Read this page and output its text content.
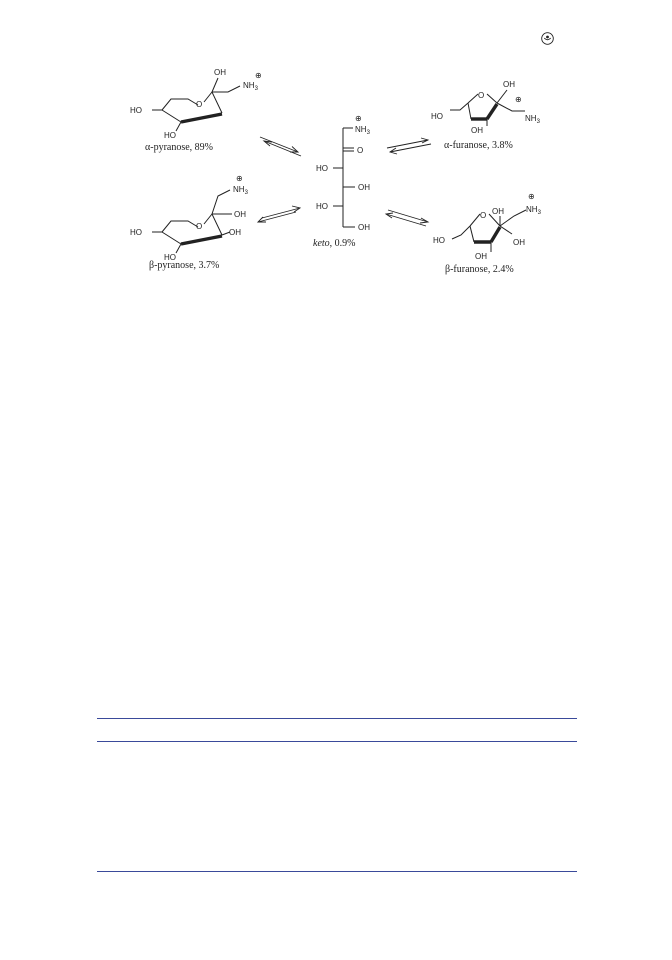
O
OH
HO
HO
$NH_3$
⊕
α-pyranose, 89%
O
OH
OH
HO
HO
$NH_3$
⊕
β-pyranose, 3.7%
$NH_3$
⊕
O
HO
OH
HO
OH
keto, 0.9%
O
OH
HO
OH
$NH_3$
⊕
α-furanose, 3.8%
O OH
OH
HO
OH
$NH_3$
⊕
β-furanose, 2.4%
